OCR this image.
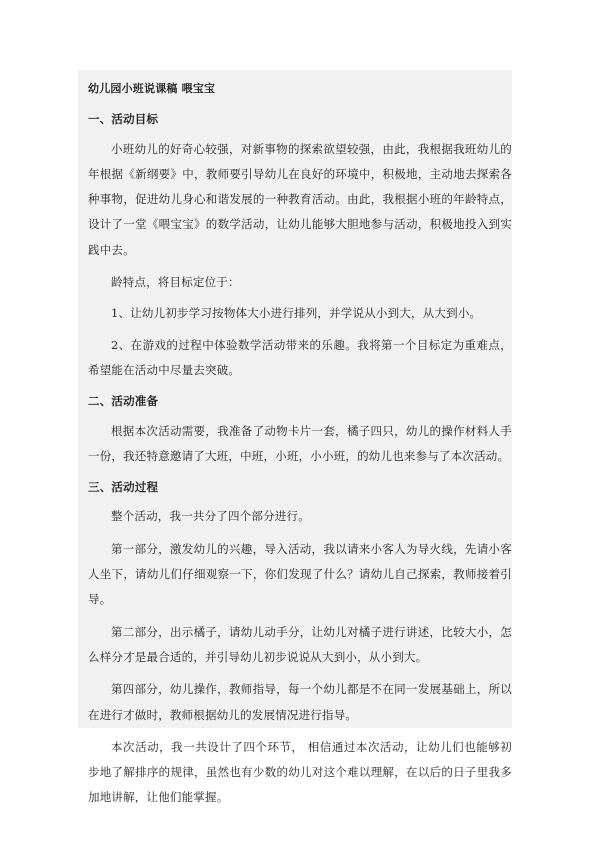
幼儿园小班说课稿 喂宝宝

一、活动目标

小班幼儿的好奇心较强，对新事物的探索欲望较强，由此，我根据我班幼儿的年根据《新纲要》中，教师要引导幼儿在良好的环境中，积极地，主动地去探索各种事物，促进幼儿身心和谐发展的一种教育活动。由此，我根据小班的年龄特点，设计了一堂《喂宝宝》的数学活动，让幼儿能够大胆地参与活动，积极地投入到实践中去。

龄特点，将目标定位于：

1、让幼儿初步学习按物体大小进行排列，并学说从小到大，从大到小。

2、在游戏的过程中体验数学活动带来的乐趣。我将第一个目标定为重难点，希望能在活动中尽量去突破。

二、活动准备

根据本次活动需要，我准备了动物卡片一套，橘子四只，幼儿的操作材料人手一份，我还特意邀请了大班，中班，小班，小小班，的幼儿也来参与了本次活动。

三、活动过程

整个活动，我一共分了四个部分进行。

第一部分，激发幼儿的兴趣，导入活动，我以请来小客人为导火线，先请小客人坐下，请幼儿们仔细观察一下，你们发现了什么？请幼儿自己探索，教师接着引导。

第二部分，出示橘子，请幼儿动手分，让幼儿对橘子进行讲述，比较大小，怎么样分才是最合适的，并引导幼儿初步说说从大到小，从小到大。

第四部分，幼儿操作，教师指导，每一个幼儿都是不在同一发展基础上，所以在进行才做时，教师根据幼儿的发展情况进行指导。

本次活动，我一共设计了四个环节， 相信通过本次活动，让幼儿们也能够初步地了解排序的规律，虽然也有少数的幼儿对这个难以理解，在以后的日子里我多加地讲解，让他们能掌握。
